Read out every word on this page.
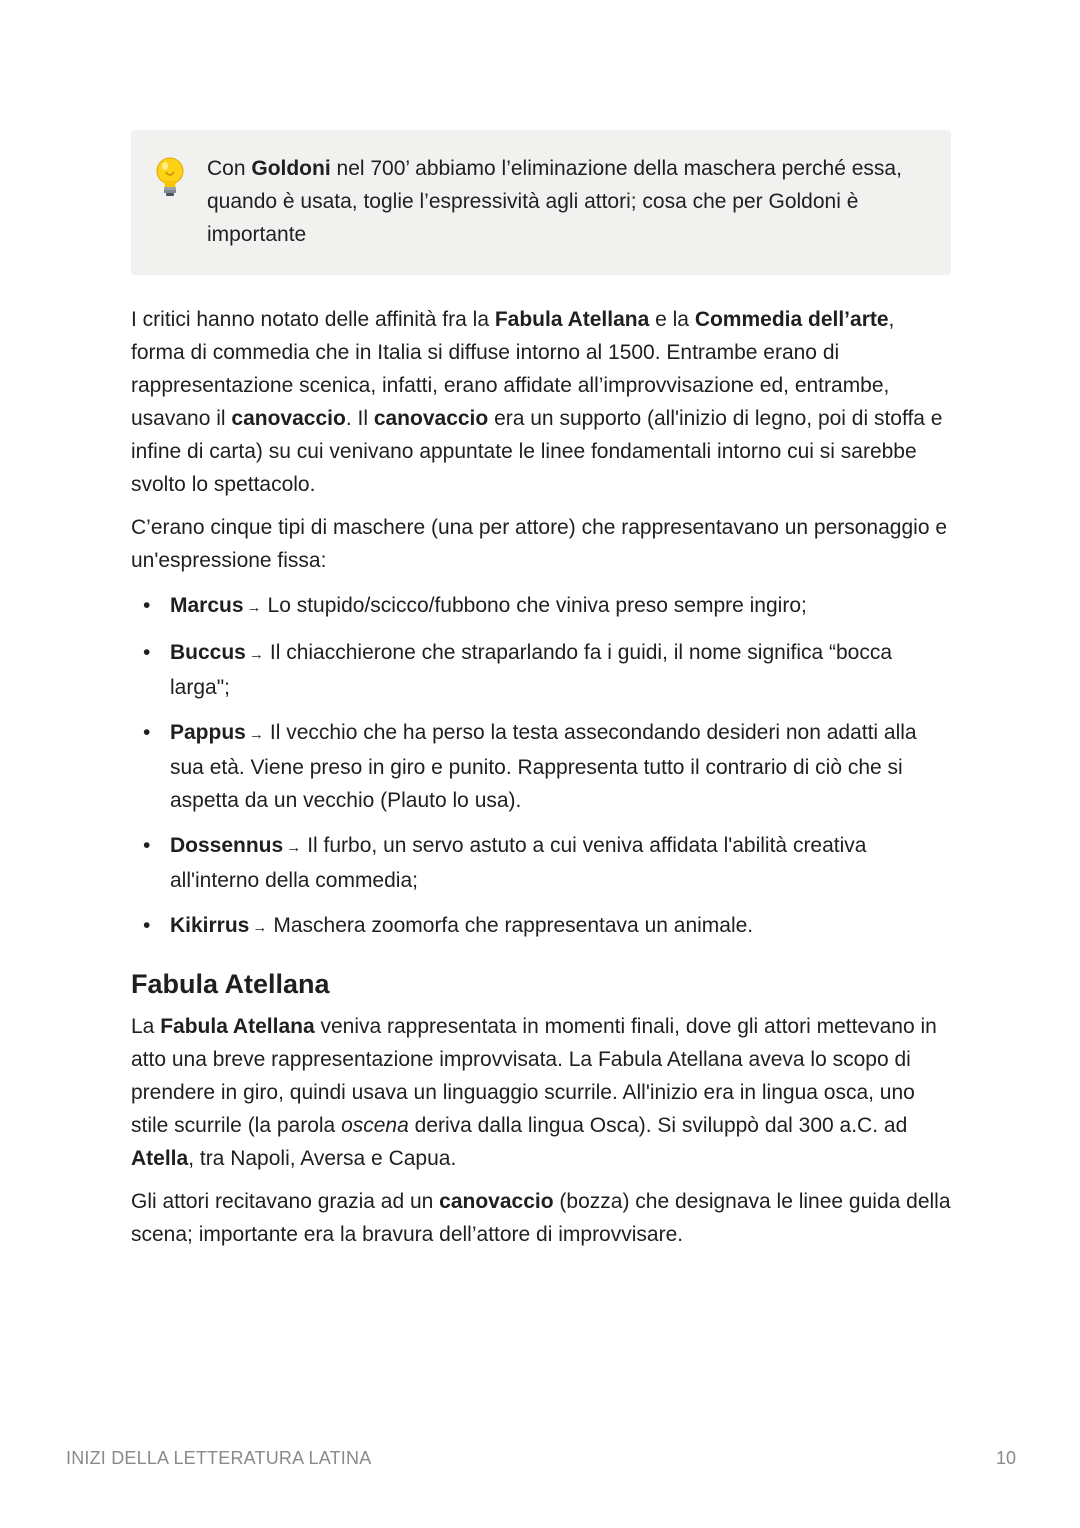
Con Goldoni nel 700’ abbiamo l’eliminazione della maschera perché essa, quando è usata, toglie l’espressività agli attori; cosa che per Goldoni è importante

I critici hanno notato delle affinità fra la Fabula Atellana e la Commedia dell’arte, forma di commedia che in Italia si diffuse intorno al 1500. Entrambe erano di rappresentazione scenica, infatti, erano affidate all’improvvisazione ed, entrambe, usavano il canovaccio. Il canovaccio era un supporto (all'inizio di legno, poi di stoffa e infine di carta) su cui venivano appuntate le linee fondamentali intorno cui si sarebbe svolto lo spettacolo.

C’erano cinque tipi di maschere (una per attore) che rappresentavano un personaggio e un'espressione fissa:

• Marcus → Lo stupido/scicco/fubbono che viniva preso sempre ingiro;
• Buccus → Il chiacchierone che straparlando fa i guidi, il nome significa “bocca larga";
• Pappus → Il vecchio che ha perso la testa assecondando desideri non adatti alla sua età. Viene preso in giro e punito. Rappresenta tutto il contrario di ciò che si aspetta da un vecchio (Plauto lo usa).
• Dossennus → Il furbo, un servo astuto a cui veniva affidata l'abilità creativa all'interno della commedia;
• Kikirrus → Maschera zoomorfa che rappresentava un animale.
Fabula Atellana

La Fabula Atellana veniva rappresentata in momenti finali, dove gli attori mettevano in atto una breve rappresentazione improvvisata. La Fabula Atellana aveva lo scopo di prendere in giro, quindi usava un linguaggio scurrile. All'inizio era in lingua osca, uno stile scurrile (la parola oscena deriva dalla lingua Osca). Si sviluppò dal 300 a.C. ad Atella, tra Napoli, Aversa e Capua.

Gli attori recitavano grazia ad un canovaccio (bozza) che designava le linee guida della scena; importante era la bravura dell’attore di improvvisare.

INIZI DELLA LETTERATURA LATINA	10
